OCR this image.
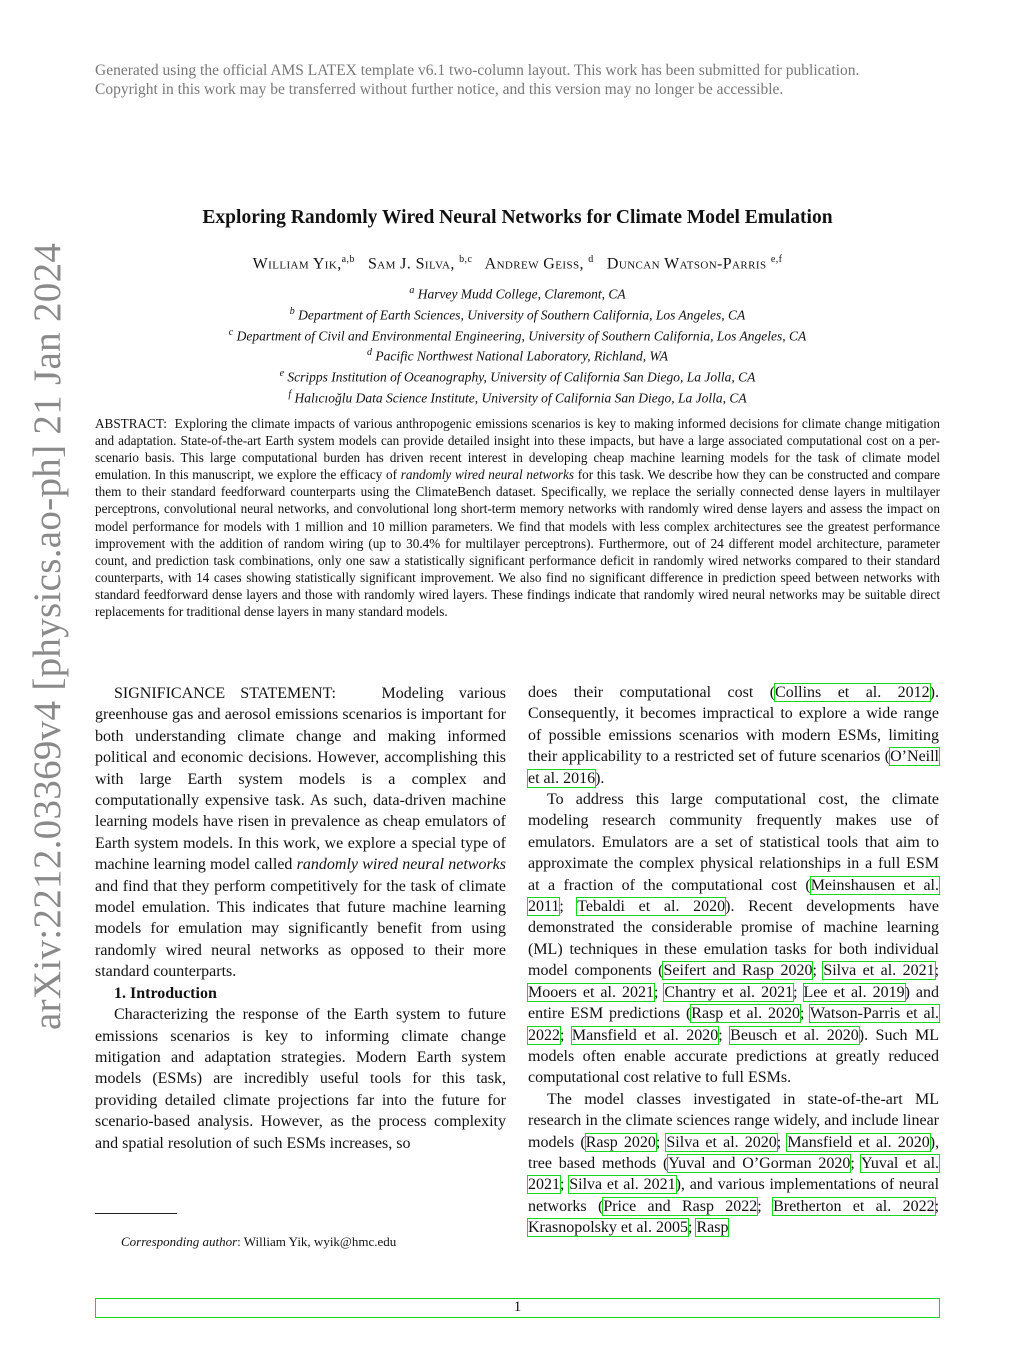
Generated using the official AMS LATEX template v6.1 two-column layout. This work has been submitted for publication. Copyright in this work may be transferred without further notice, and this version may no longer be accessible.
arXiv:2212.03369v4 [physics.ao-ph] 21 Jan 2024
Exploring Randomly Wired Neural Networks for Climate Model Emulation
William Yik,$^{a,b}$ Sam J. Silva, $^{b,c}$ Andrew Geiss, $^d$ Duncan Watson-Parris $^{e,f}$
$^a$ Harvey Mudd College, Claremont, CA
$^b$ Department of Earth Sciences, University of Southern California, Los Angeles, CA
$^c$ Department of Civil and Environmental Engineering, University of Southern California, Los Angeles, CA
$^d$ Pacific Northwest National Laboratory, Richland, WA
$^e$ Scripps Institution of Oceanography, University of California San Diego, La Jolla, CA
$^f$ Halıcıoğlu Data Science Institute, University of California San Diego, La Jolla, CA
ABSTRACT: Exploring the climate impacts of various anthropogenic emissions scenarios is key to making informed decisions for climate change mitigation and adaptation. State-of-the-art Earth system models can provide detailed insight into these impacts, but have a large associated computational cost on a per-scenario basis. This large computational burden has driven recent interest in developing cheap machine learning models for the task of climate model emulation. In this manuscript, we explore the efficacy of randomly wired neural networks for this task. We describe how they can be constructed and compare them to their standard feedforward counterparts using the ClimateBench dataset. Specifically, we replace the serially connected dense layers in multilayer perceptrons, convolutional neural networks, and convolutional long short-term memory networks with randomly wired dense layers and assess the impact on model performance for models with 1 million and 10 million parameters. We find that models with less complex architectures see the greatest performance improvement with the addition of random wiring (up to 30.4% for multilayer perceptrons). Furthermore, out of 24 different model architecture, parameter count, and prediction task combinations, only one saw a statistically significant performance deficit in randomly wired networks compared to their standard counterparts, with 14 cases showing statistically significant improvement. We also find no significant difference in prediction speed between networks with standard feedforward dense layers and those with randomly wired layers. These findings indicate that randomly wired neural networks may be suitable direct replacements for traditional dense layers in many standard models.

SIGNIFICANCE STATEMENT:	Modeling various greenhouse gas and aerosol emissions scenarios is important for both understanding climate change and making informed political and economic decisions. However, accomplishing this with large Earth system models is a complex and computationally expensive task. As such, data-driven machine learning models have risen in prevalence as cheap emulators of Earth system models. In this work, we explore a special type of machine learning model called randomly wired neural networks and find that they perform competitively for the task of climate model emulation. This indicates that future machine learning models for emulation may significantly benefit from using randomly wired neural networks as opposed to their more standard counterparts.

1. Introduction

Characterizing the response of the Earth system to future emissions scenarios is key to informing climate change mitigation and adaptation strategies. Modern Earth system models (ESMs) are incredibly useful tools for this task, providing detailed climate projections far into the future for scenario-based analysis. However, as the process complexity and spatial resolution of such ESMs increases, so

Corresponding author: William Yik, wyik@hmc.edu

does their computational cost (Collins et al. 2012). Consequently, it becomes impractical to explore a wide range of possible emissions scenarios with modern ESMs, limiting their applicability to a restricted set of future scenarios (O’Neill et al. 2016).

To address this large computational cost, the climate modeling research community frequently makes use of emulators. Emulators are a set of statistical tools that aim to approximate the complex physical relationships in a full ESM at a fraction of the computational cost (Meinshausen et al. 2011; Tebaldi et al. 2020). Recent developments have demonstrated the considerable promise of machine learning (ML) techniques in these emulation tasks for both individual model components (Seifert and Rasp 2020; Silva et al. 2021; Mooers et al. 2021; Chantry et al. 2021; Lee et al. 2019) and entire ESM predictions (Rasp et al. 2020; Watson-Parris et al. 2022; Mansfield et al. 2020; Beusch et al. 2020). Such ML models often enable accurate predictions at greatly reduced computational cost relative to full ESMs.

The model classes investigated in state-of-the-art ML research in the climate sciences range widely, and include linear models (Rasp 2020; Silva et al. 2020; Mansfield et al. 2020), tree based methods (Yuval and O’Gorman 2020; Yuval et al. 2021; Silva et al. 2021), and various implementations of neural networks (Price and Rasp 2022; Bretherton et al. 2022; Krasnopolsky et al. 2005; Rasp

1
